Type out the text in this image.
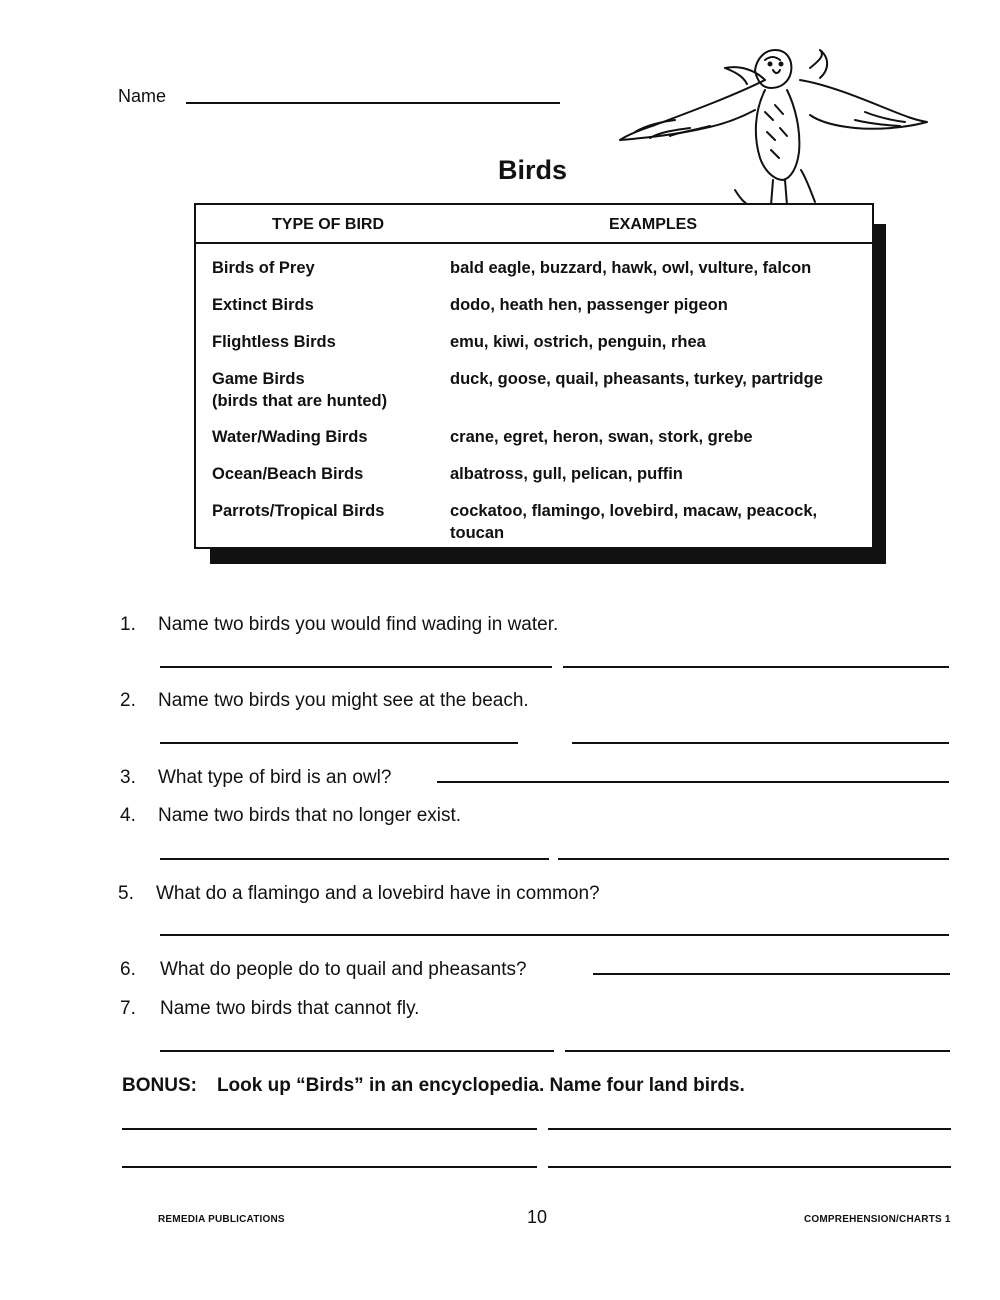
Name
Birds
TYPE OF BIRD	EXAMPLES
Birds of Prey	bald eagle, buzzard, hawk, owl, vulture, falcon
Extinct Birds	dodo, heath hen, passenger pigeon
Flightless Birds	emu, kiwi, ostrich, penguin, rhea
Game Birds	duck, goose, quail, pheasants, turkey, partridge
(birds that are hunted)
Water/Wading Birds	crane, egret, heron, swan, stork, grebe
Ocean/Beach Birds	albatross, gull, pelican, puffin
Parrots/Tropical Birds	cockatoo, flamingo, lovebird, macaw, peacock,
toucan
1. Name two birds you would find wading in water.
2. Name two birds you might see at the beach.
3. What type of bird is an owl?
4. Name two birds that no longer exist.
5. What do a flamingo and a lovebird have in common?
6. What do people do to quail and pheasants?
7. Name two birds that cannot fly.
BONUS: Look up “Birds” in an encyclopedia. Name four land birds.
REMEDIA PUBLICATIONS	10	COMPREHENSION/CHARTS 1
